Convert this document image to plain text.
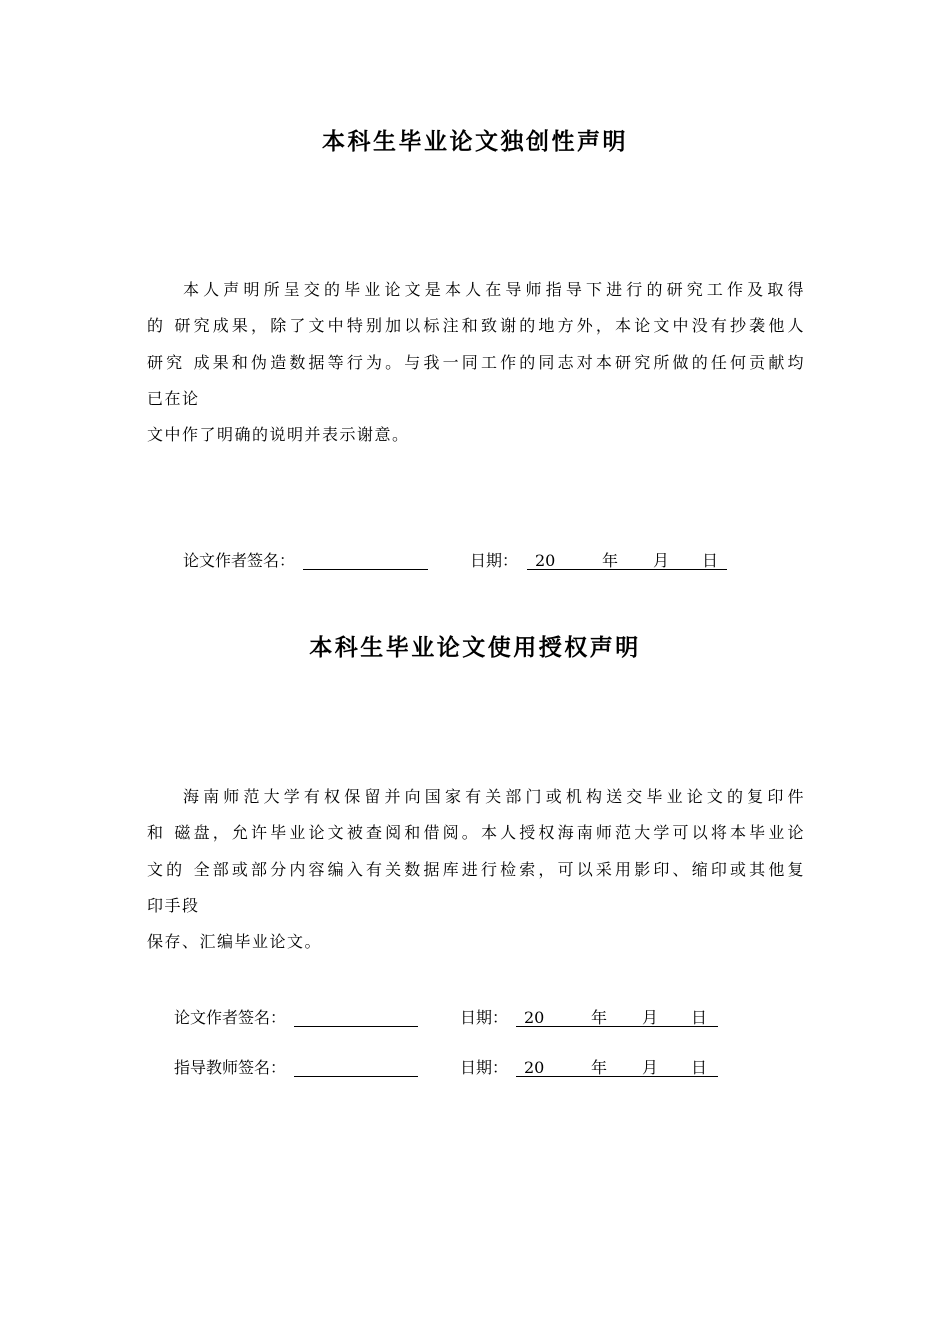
本科生毕业论文独创性声明
本人声明所呈交的毕业论文是本人在导师指导下进行的研究工作及取得
的 研究成果，除了文中特别加以标注和致谢的地方外，本论文中没有抄袭他人
研究 成果和伪造数据等行为。与我一同工作的同志对本研究所做的任何贡献均
已在论
文中作了明确的说明并表示谢意。
论文作者签名：	日期： 20	年 月 日
本科生毕业论文使用授权声明
海南师范大学有权保留并向国家有关部门或机构送交毕业论文的复印件
和 磁盘，允许毕业论文被查阅和借阅。本人授权海南师范大学可以将本毕业论
文的 全部或部分内容编入有关数据库进行检索，可以采用影印、缩印或其他复
印手段
保存、汇编毕业论文。
论文作者签名：	日期： 20	年 月 日
指导教师签名：	日期： 20	年 月 日
